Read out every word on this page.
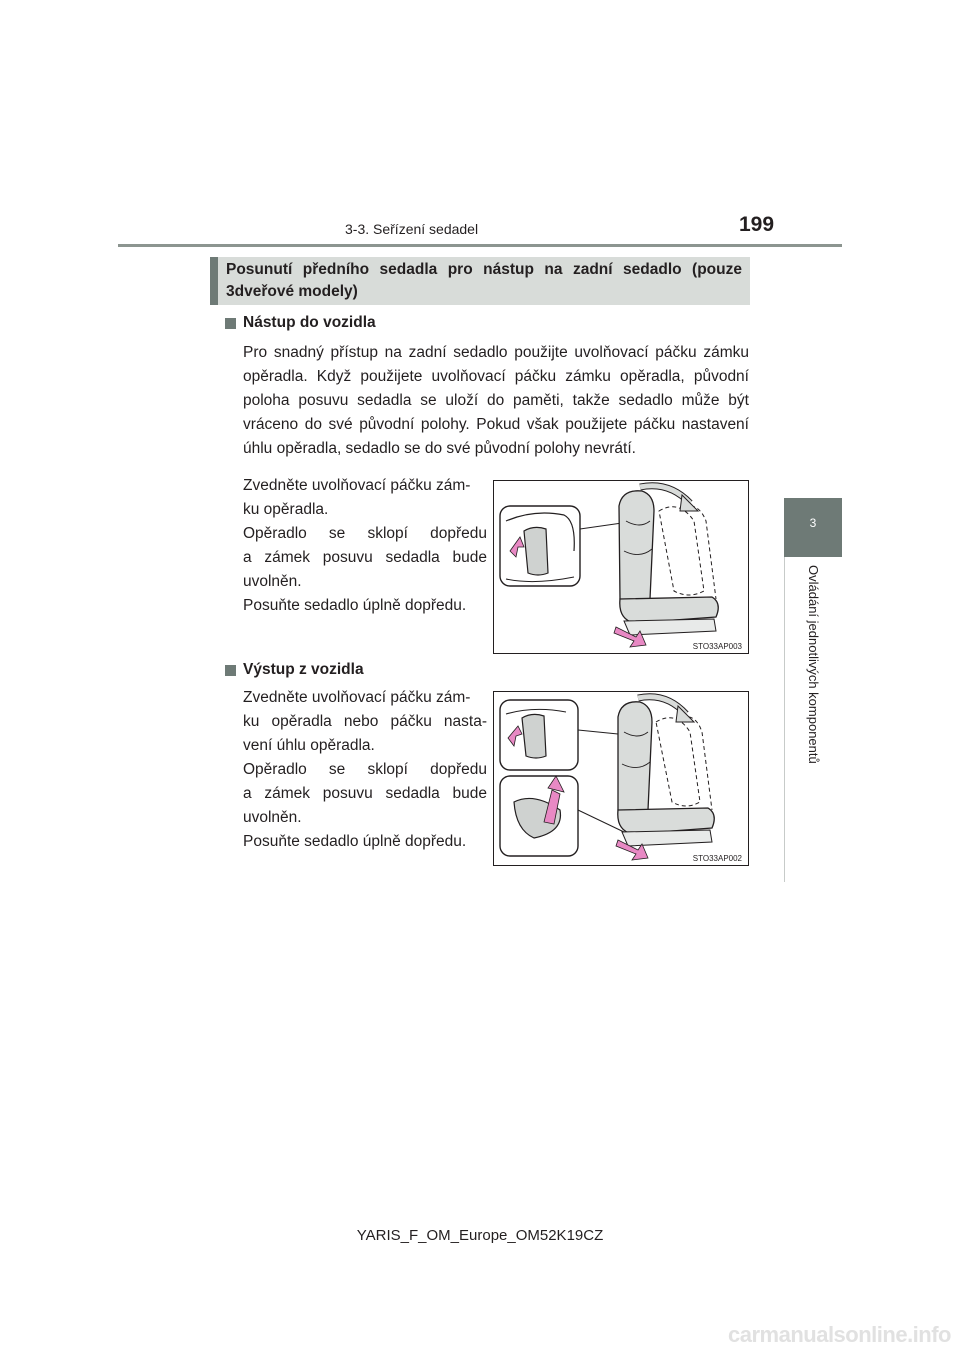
3-3. Seřízení sedadel	199
3
Ovládání jednotlivých komponentů
Posunutí předního sedadla pro nástup na zadní sedadlo (pouze 3dveřové modely)
Nástup do vozidla
Pro snadný přístup na zadní sedadlo použijte uvolňovací páčku zámku opěradla. Když použijete uvolňovací páčku zámku opěradla, původní poloha posuvu sedadla se uloží do paměti, takže sedadlo může být vráceno do své původní polohy. Pokud však použijete páčku nastavení úhlu opěradla, sedadlo se do své původní polohy nevrátí.

Zvedněte uvolňovací páčku zám-

ku opěradla.

Opěradlo se sklopí dopředu

a zámek posuvu sedadla bude

uvolněn.

Posuňte sedadlo úplně dopředu.

STO33AP003
Výstup z vozidla

Zvedněte uvolňovací páčku zám-

ku opěradla nebo páčku nasta-

vení úhlu opěradla.

Opěradlo se sklopí dopředu

a zámek posuvu sedadla bude

uvolněn.

Posuňte sedadlo úplně dopředu.

STO33AP002
YARIS_F_OM_Europe_OM52K19CZ
carmanualsonline.info
